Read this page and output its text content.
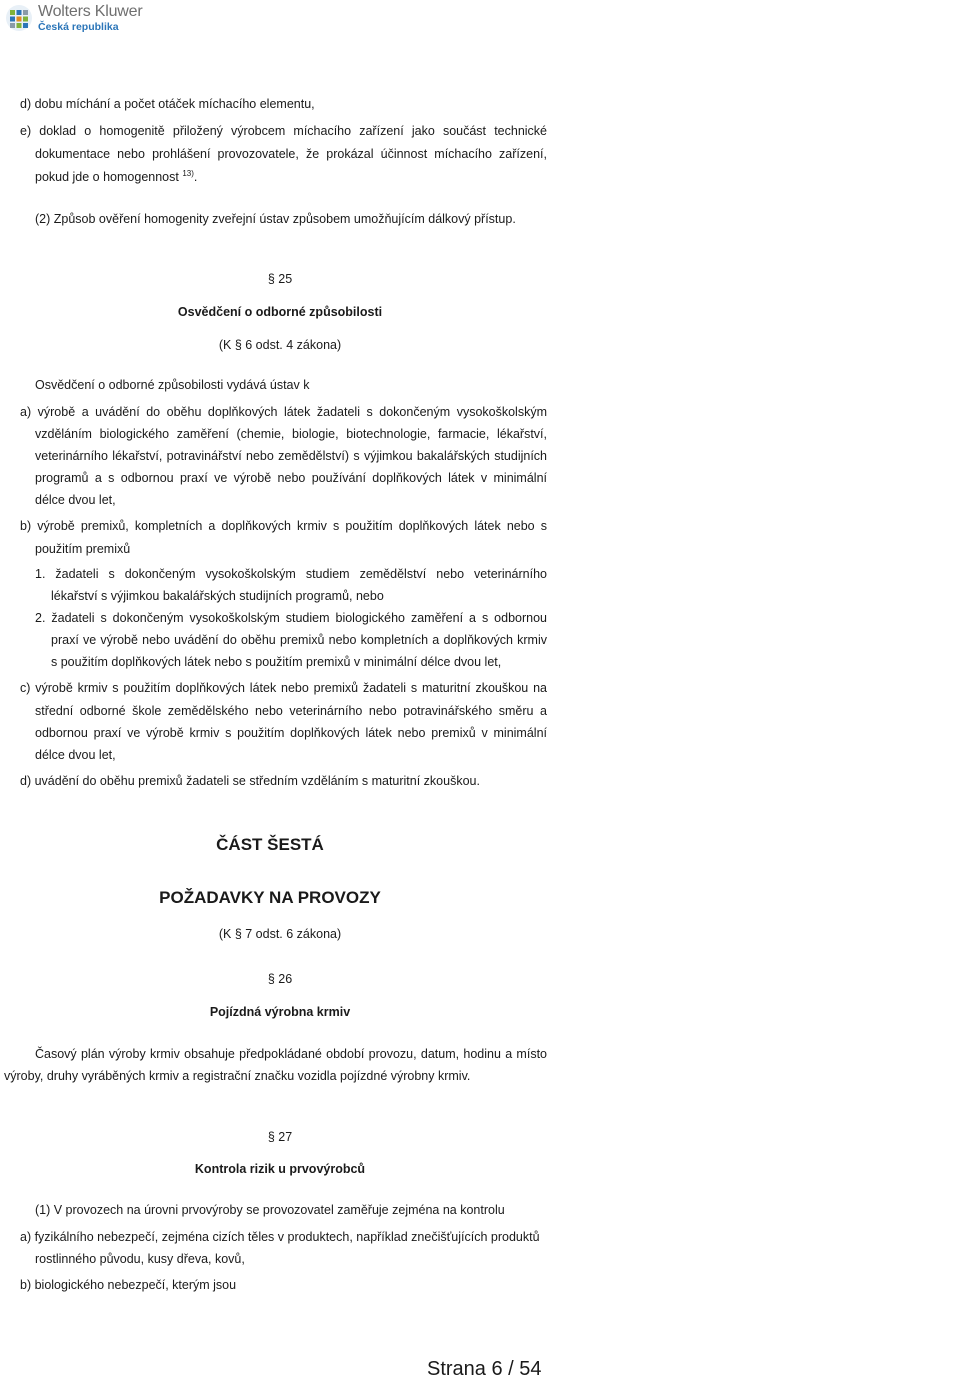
Wolters Kluwer
Česká republika

d) dobu míchání a počet otáček míchacího elementu,

e) doklad o homogenitě přiložený výrobcem míchacího zařízení jako součást technické

dokumentace nebo prohlášení provozovatele, že prokázal účinnost míchacího zařízení,

pokud jde o homogennost $^{13)}$.

(2) Způsob ověření homogenity zveřejní ústav způsobem umožňujícím dálkový přístup.

§ 25

Osvědčení o odborné způsobilosti

(K § 6 odst. 4 zákona)

Osvědčení o odborné způsobilosti vydává ústav k

a) výrobě a uvádění do oběhu doplňkových látek žadateli s dokončeným vysokoškolským

vzděláním biologického zaměření (chemie, biologie, biotechnologie, farmacie, lékařství,

veterinárního lékařství, potravinářství nebo zemědělství) s výjimkou bakalářských studijních

programů a s odbornou praxí ve výrobě nebo používání doplňkových látek v minimální

délce dvou let,

b) výrobě premixů, kompletních a doplňkových krmiv s použitím doplňkových látek nebo s

použitím premixů

1. žadateli s dokončeným vysokoškolským studiem zemědělství nebo veterinárního

lékařství s výjimkou bakalářských studijních programů, nebo

2. žadateli s dokončeným vysokoškolským studiem biologického zaměření a s odbornou

praxí ve výrobě nebo uvádění do oběhu premixů nebo kompletních a doplňkových krmiv

s použitím doplňkových látek nebo s použitím premixů v minimální délce dvou let,

c) výrobě krmiv s použitím doplňkových látek nebo premixů žadateli s maturitní zkouškou na

střední odborné škole zemědělského nebo veterinárního nebo potravinářského směru a

odbornou praxí ve výrobě krmiv s použitím doplňkových látek nebo premixů v minimální

délce dvou let,

d) uvádění do oběhu premixů žadateli se středním vzděláním s maturitní zkouškou.

ČÁST ŠESTÁ

POŽADAVKY NA PROVOZY

(K § 7 odst. 6 zákona)

§ 26

Pojízdná výrobna krmiv

Časový plán výroby krmiv obsahuje předpokládané období provozu, datum, hodinu a místo

výroby, druhy vyráběných krmiv a registrační značku vozidla pojízdné výrobny krmiv.

§ 27

Kontrola rizik u prvovýrobců

(1) V provozech na úrovni prvovýroby se provozovatel zaměřuje zejména na kontrolu

a) fyzikálního nebezpečí, zejména cizích těles v produktech, například znečišťujících produktů

rostlinného původu, kusy dřeva, kovů,

b) biologického nebezpečí, kterým jsou

Strana 6 / 54
